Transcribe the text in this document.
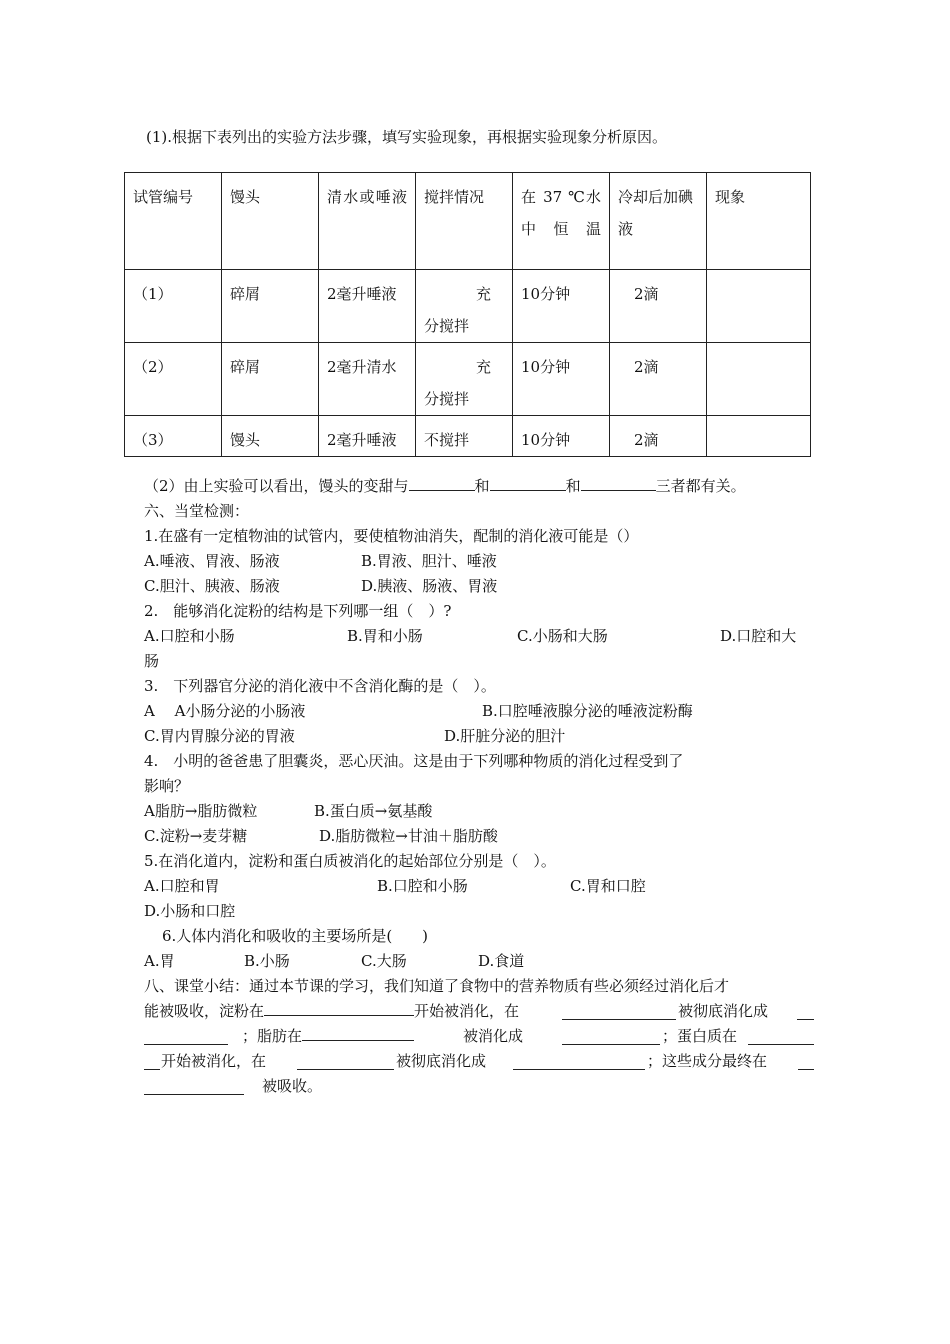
(1).根据下表列出的实验方法步骤，填写实验现象，再根据实验现象分析原因。
试管编号	馒头	清水或唾液	搅拌情况	在 37 ℃水中恒温	冷却后加碘液	现象
（1）	碎屑	2毫升唾液	充分搅拌	10分钟	2滴	
（2）	碎屑	2毫升清水	充分搅拌	10分钟	2滴	
（3）	馒头	2毫升唾液	不搅拌	10分钟	2滴	
（2）由上实验可以看出，馒头的变甜与	和	和	三者都有关。
六、当堂检测：
1.在盛有一定植物油的试管内，要使植物油消失，配制的消化液可能是（）
A.唾液、胃液、肠液	B.胃液、胆汁、唾液
C.胆汁、胰液、肠液	D.胰液、肠液、胃液
2.　能够消化淀粉的结构是下列哪一组（　）?
A.口腔和小肠	B.胃和小肠	C.小肠和大肠	D.口腔和大
肠
3.　下列器官分泌的消化液中不含消化酶的是（　）。
A　 A小肠分泌的小肠液	B.口腔唾液腺分泌的唾液淀粉酶
C.胃内胃腺分泌的胃液	D.肝脏分泌的胆汁
4.　小明的爸爸患了胆囊炎，恶心厌油。这是由于下列哪种物质的消化过程受到了
影响？
A脂肪→脂肪微粒	B.蛋白质→氨基酸
C.淀粉→麦芽糖	D.脂肪微粒→甘油＋脂肪酸
5.在消化道内，淀粉和蛋白质被消化的起始部位分别是（　）。
A.口腔和胃	B.口腔和小肠	C.胃和口腔
D.小肠和口腔
6.人体内消化和吸收的主要场所是(　　)
A.胃	B.小肠	C.大肠	D.食道
八、课堂小结：通过本节课的学习，我们知道了食物中的营养物质有些必须经过消化后才
能被吸收，淀粉在	开始被消化，在	被彻底消化成
；脂肪在	被消化成	；蛋白质在
开始被消化，在	被彻底消化成	；这些成分最终在
被吸收。
